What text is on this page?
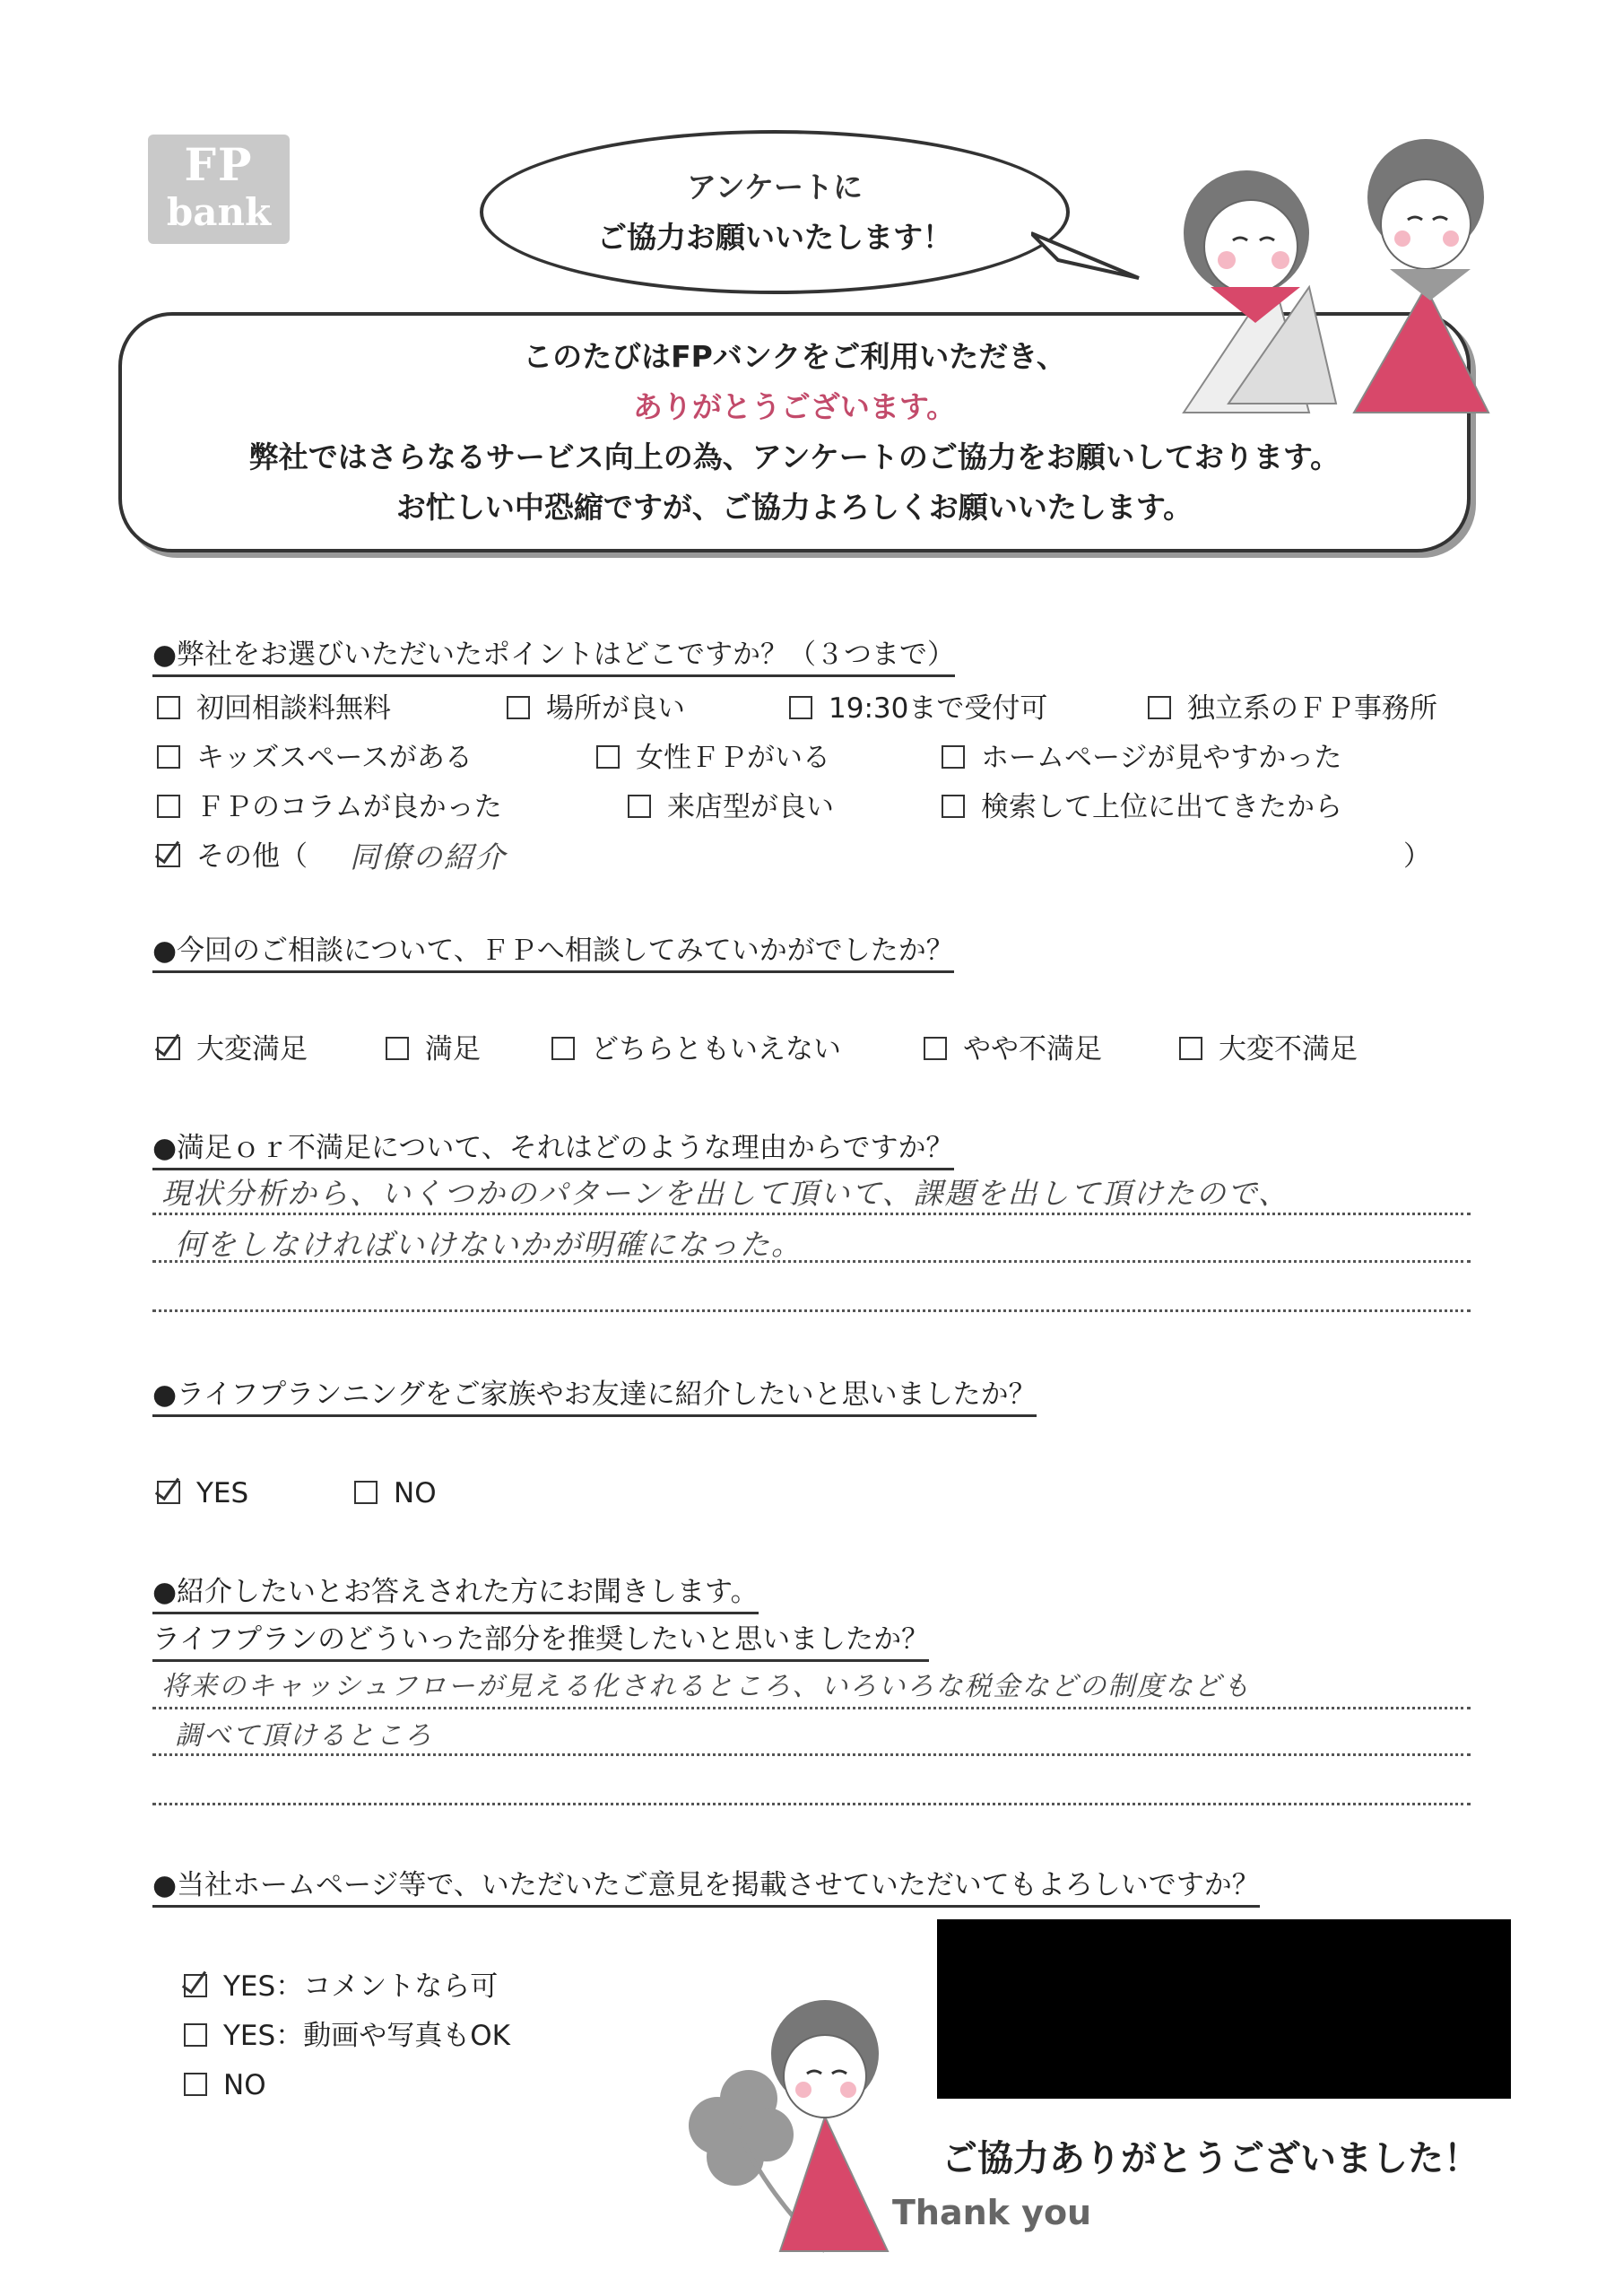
FP
bank
アンケートに
ご協力お願いいたします！
このたびはFPバンクをご利用いただき、
ありがとうございます。
弊社ではさらなるサービス向上の為、アンケートのご協力をお願いしております。
お忙しい中恐縮ですが、ご協力よろしくお願いいたします。
●弊社をお選びいただいたポイントはどこですか？（３つまで）
初回相談料無料	場所が良い	19:30まで受付可	独立系のＦＰ事務所
キッズスペースがある	女性ＦＰがいる	ホームページが見やすかった
ＦＰのコラムが良かった	来店型が良い	検索して上位に出てきたから
その他（ 同僚の紹介	）
●今回のご相談について、ＦＰへ相談してみていかがでしたか？
大変満足	満足	どちらともいえない	やや不満足	大変不満足
●満足ｏｒ不満足について、それはどのような理由からですか？
現状分析から、いくつかのパターンを出して頂いて、課題を出して頂けたので、
何をしなければいけないかが明確になった。
●ライフプランニングをご家族やお友達に紹介したいと思いましたか？
YES	NO
●紹介したいとお答えされた方にお聞きします。
ライフプランのどういった部分を推奨したいと思いましたか？
将来のキャッシュフローが見える化されるところ、いろいろな税金などの制度なども
調べて頂けるところ
●当社ホームページ等で、いただいたご意見を掲載させていただいてもよろしいですか？
YES：コメントなら可
YES：動画や写真もOK
NO
ご協力ありがとうございました！
Thank you
